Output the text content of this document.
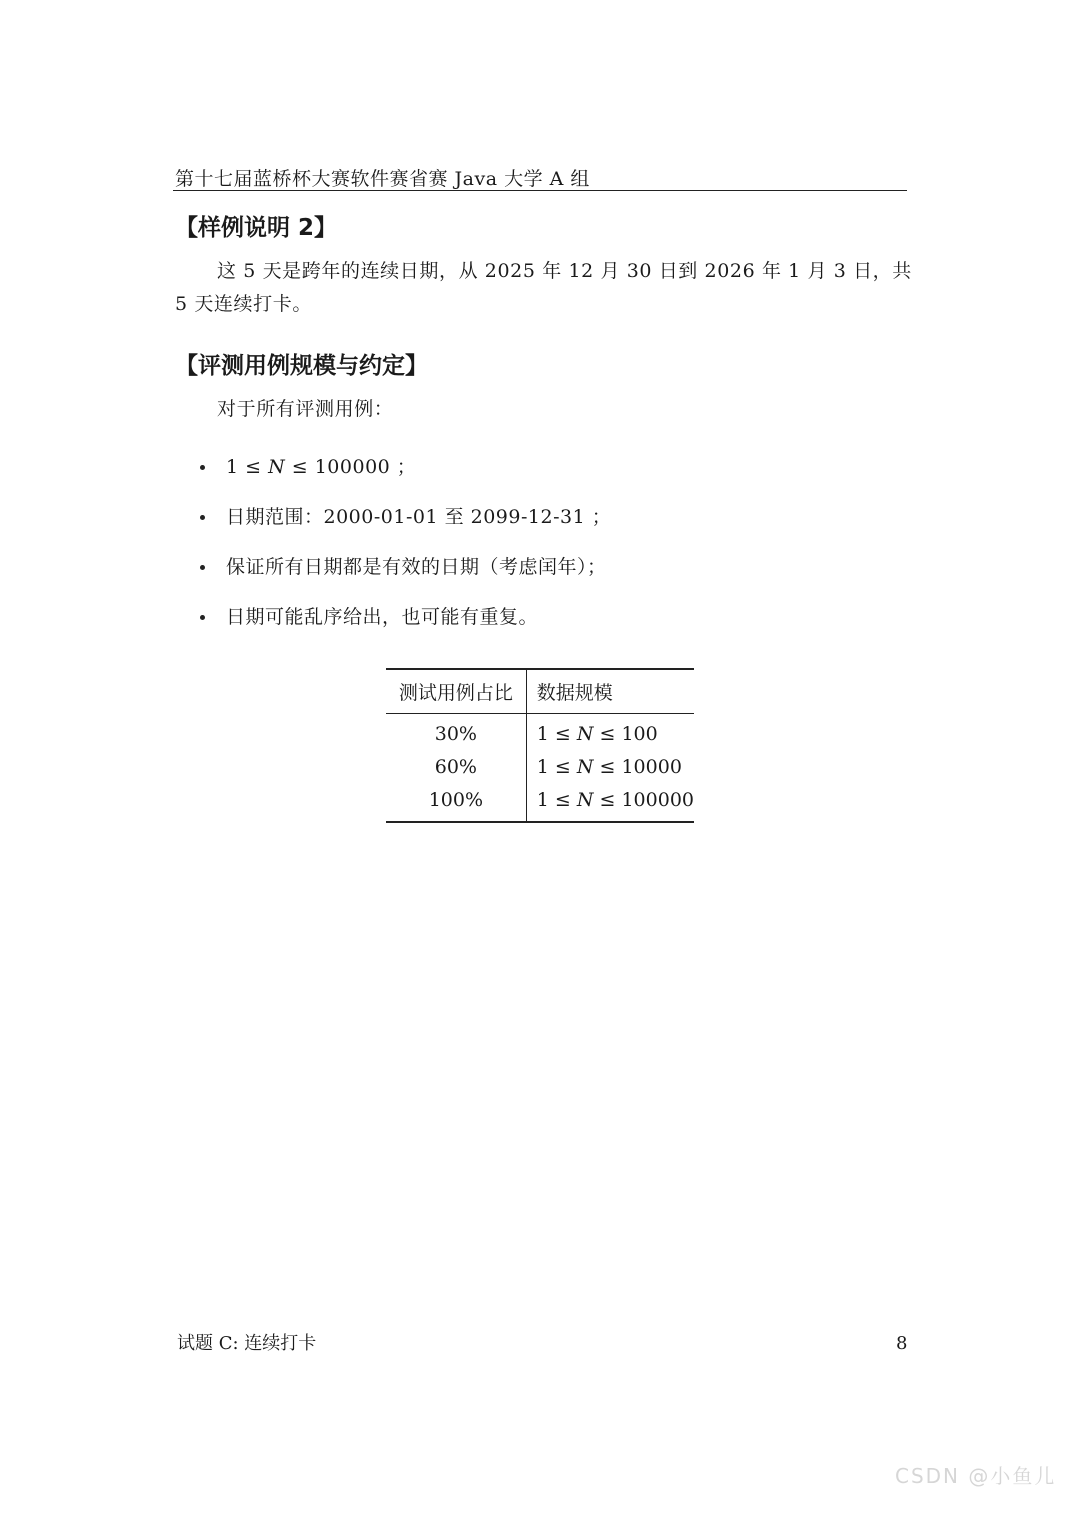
第十七届蓝桥杯大赛软件赛省赛 Java 大学 A 组
【样例说明 2】
这 5 天是跨年的连续日期，从 2025 年 12 月 30 日到 2026 年 1 月 3 日，共
5 天连续打卡。
【评测用例规模与约定】
对于所有评测用例：
1 ≤ N ≤ 100000 ；
日期范围：2000-01-01 至 2099-12-31 ；
保证所有日期都是有效的日期（考虑闰年）；
日期可能乱序给出，也可能有重复。
测试用例占比	数据规模
30%	1 ≤ N ≤ 100
60%	1 ≤ N ≤ 10000
100%	1 ≤ N ≤ 100000
试题 C: 连续打卡	8
CSDN @小鱼儿
